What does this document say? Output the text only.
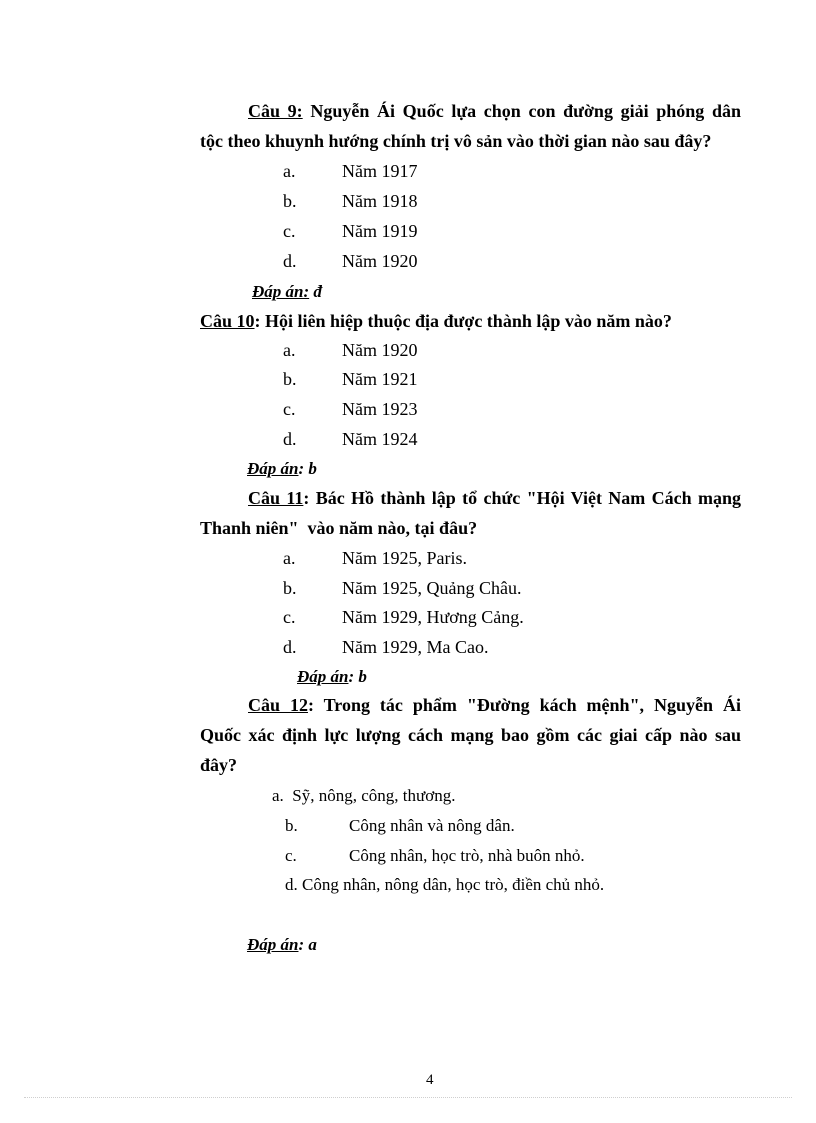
Câu 9: Nguyễn Ái Quốc lựa chọn con đường giải phóng dân
tộc theo khuynh hướng chính trị vô sản vào thời gian nào sau đây?
a.	Năm 1917
b.	Năm 1918
c.	Năm 1919
d.	Năm 1920
Đáp án: đ
Câu 10: Hội liên hiệp thuộc địa được thành lập vào năm nào?
a.	Năm 1920
b.	Năm 1921
c.	Năm 1923
d.	Năm 1924
Đáp án: b
Câu 11: Bác Hồ thành lập tổ chức "Hội Việt Nam Cách mạng
Thanh niên"  vào năm nào, tại đâu?
a.	Năm 1925, Paris.
b.	Năm 1925, Quảng Châu.
c.	Năm 1929, Hương Cảng.
d.	Năm 1929, Ma Cao.
Đáp án: b
Câu 12: Trong tác phẩm "Đường kách mệnh", Nguyễn Ái
Quốc xác định lực lượng cách mạng bao gồm các giai cấp nào sau
đây?
a. Sỹ, nông, công, thương.
b.	Công nhân và nông dân.
c.	Công nhân, học trò, nhà buôn nhỏ.
d. Công nhân, nông dân, học trò, điền chủ nhỏ.
Đáp án: a
4
